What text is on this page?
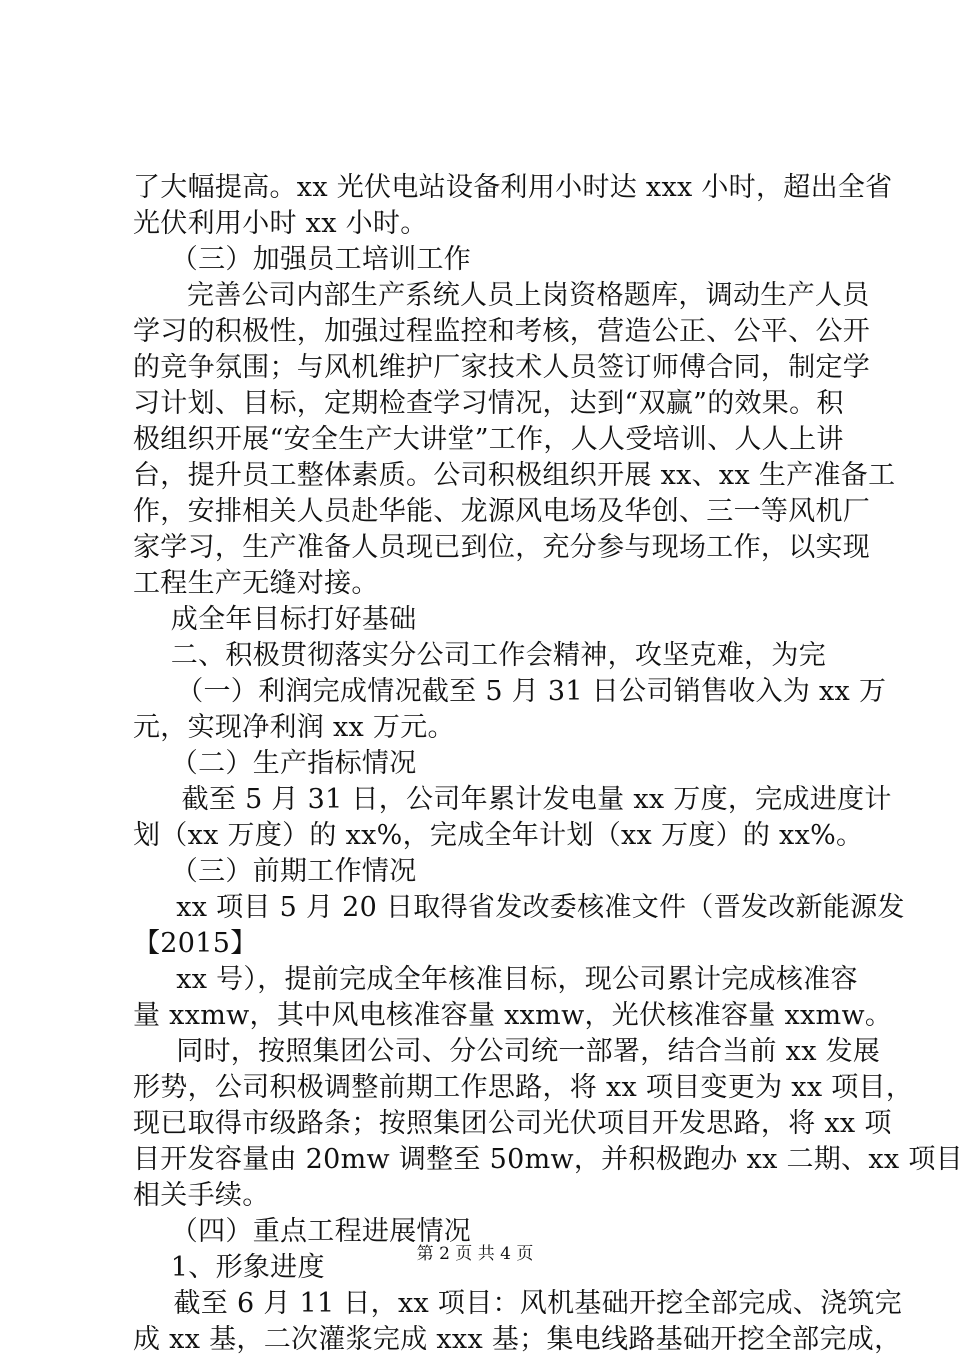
了大幅提高。xx 光伏电站设备利用小时达 xxx 小时，超出全省
光伏利用小时 xx 小时。
（三）加强员工培训工作
完善公司内部生产系统人员上岗资格题库，调动生产人员
学习的积极性，加强过程监控和考核，营造公正、公平、公开
的竞争氛围；与风机维护厂家技术人员签订师傅合同，制定学
习计划、目标，定期检查学习情况，达到“双赢”的效果。积
极组织开展“安全生产大讲堂”工作，人人受培训、人人上讲
台，提升员工整体素质。公司积极组织开展 xx、xx 生产准备工
作，安排相关人员赴华能、龙源风电场及华创、三一等风机厂
家学习，生产准备人员现已到位，充分参与现场工作，以实现
工程生产无缝对接。
成全年目标打好基础
二、积极贯彻落实分公司工作会精神，攻坚克难，为完
（一）利润完成情况截至 5 月 31 日公司销售收入为 xx 万
元，实现净利润 xx 万元。
（二）生产指标情况
截至 5 月 31 日，公司年累计发电量 xx 万度，完成进度计
划（xx 万度）的 xx%，完成全年计划（xx 万度）的 xx%。
（三）前期工作情况
xx 项目 5 月 20 日取得省发改委核准文件（晋发改新能源发
【2015】
xx 号），提前完成全年核准目标，现公司累计完成核准容
量 xxmw，其中风电核准容量 xxmw，光伏核准容量 xxmw。
同时，按照集团公司、分公司统一部署，结合当前 xx 发展
形势，公司积极调整前期工作思路，将 xx 项目变更为 xx 项目，
现已取得市级路条；按照集团公司光伏项目开发思路，将 xx 项
目开发容量由 20mw 调整至 50mw，并积极跑办 xx 二期、xx 项目
相关手续。
（四）重点工程进展情况
1、形象进度
截至 6 月 11 日，xx 项目：风机基础开挖全部完成、浇筑完
成 xx 基，二次灌浆完成 xxx 基；集电线路基础开挖全部完成，
第 2 页 共 4 页
